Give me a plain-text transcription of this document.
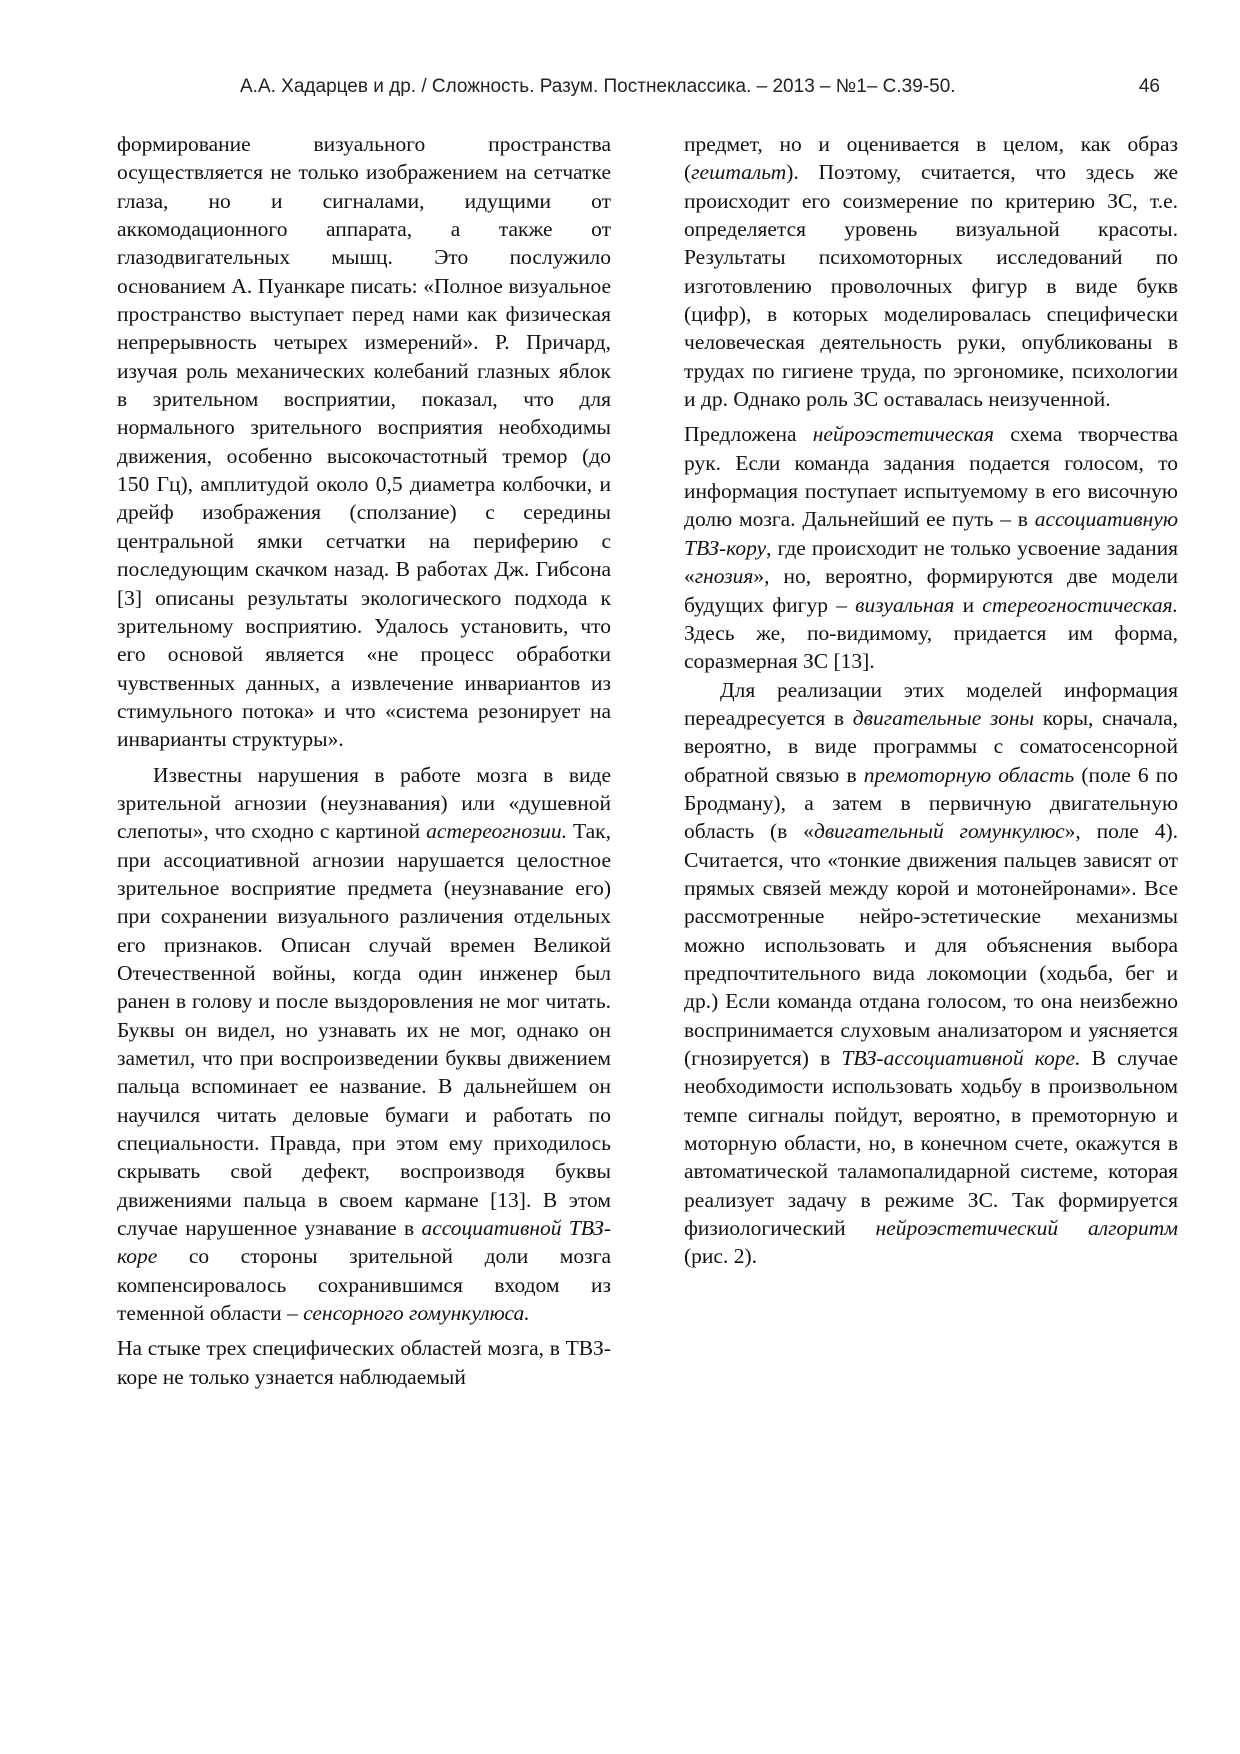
А.А. Хадарцев и др. / Сложность. Разум. Постнеклассика. – 2013 – №1– С.39-50.	46

формирование визуального пространства осуществляется не только изображением на сетчатке глаза, но и сигналами, идущими от аккомодационного аппарата, а также от глазодвигательных мышц. Это послужило основанием А. Пуанкаре писать: «Полное визуальное пространство выступает перед нами как физическая непрерывность четырех измерений». Р. Причард, изучая роль механических колебаний глазных яблок в зрительном восприятии, показал, что для нормального зрительного восприятия необходимы движения, особенно высокочастотный тремор (до 150 Гц), амплитудой около 0,5 диаметра колбочки, и дрейф изображения (сползание) с середины центральной ямки сетчатки на периферию с последующим скачком назад. В работах Дж. Гибсона [3] описаны результаты экологического подхода к зрительному восприятию. Удалось установить, что его основой является «не процесс обработки чувственных данных, а извлечение инвариантов из стимульного потока» и что «система резонирует на инварианты структуры».

Известны нарушения в работе мозга в виде зрительной агнозии (неузнавания) или «душевной слепоты», что сходно с картиной астереогнозии. Так, при ассоциативной агнозии нарушается целостное зрительное восприятие предмета (неузнавание его) при сохранении визуального различения отдельных его признаков. Описан случай времен Великой Отечественной войны, когда один инженер был ранен в голову и после выздоровления не мог читать. Буквы он видел, но узнавать их не мог, однако он заметил, что при воспроизведении буквы движением пальца вспоминает ее название. В дальнейшем он научился читать деловые бумаги и работать по специальности. Правда, при этом ему приходилось скрывать свой дефект, воспроизводя буквы движениями пальца в своем кармане [13]. В этом случае нарушенное узнавание в ассоциативной ТВЗ-коре со стороны зрительной доли мозга компенсировалось сохранившимся входом из теменной области – сенсорного гомункулюса.

На стыке трех специфических областей мозга, в ТВЗ-коре не только узнается наблюдаемый

предмет, но и оценивается в целом, как образ (гештальт). Поэтому, считается, что здесь же происходит его соизмерение по критерию ЗС, т.е. определяется уровень визуальной красоты. Результаты психомоторных исследований по изготовлению проволочных фигур в виде букв (цифр), в которых моделировалась специфически человеческая деятельность руки, опубликованы в трудах по гигиене труда, по эргономике, психологии и др. Однако роль ЗС оставалась неизученной.

Предложена нейроэстетическая схема творчества рук. Если команда задания подается голосом, то информация поступает испытуемому в его височную долю мозга. Дальнейший ее путь – в ассоциативную ТВЗ-кору, где происходит не только усвоение задания «гнозия», но, вероятно, формируются две модели будущих фигур – визуальная и стереогностическая. Здесь же, по-видимому, придается им форма, соразмерная ЗС [13].

Для реализации этих моделей информация переадресуется в двигательные зоны коры, сначала, вероятно, в виде программы с соматосенсорной обратной связью в премоторную область (поле 6 по Бродману), а затем в первичную двигательную область (в «двигательный гомункулюс», поле 4). Считается, что «тонкие движения пальцев зависят от прямых связей между корой и мотонейронами». Все рассмотренные нейро-эстетические механизмы можно использовать и для объяснения выбора предпочтительного вида локомоции (ходьба, бег и др.) Если команда отдана голосом, то она неизбежно воспринимается слуховым анализатором и уясняется (гнозируется) в ТВЗ-ассоциативной коре. В случае необходимости использовать ходьбу в произвольном темпе сигналы пойдут, вероятно, в премоторную и моторную области, но, в конечном счете, окажутся в автоматической таламопалидарной системе, которая реализует задачу в режиме ЗС. Так формируется физиологический нейроэстетический алгоритм (рис. 2).
